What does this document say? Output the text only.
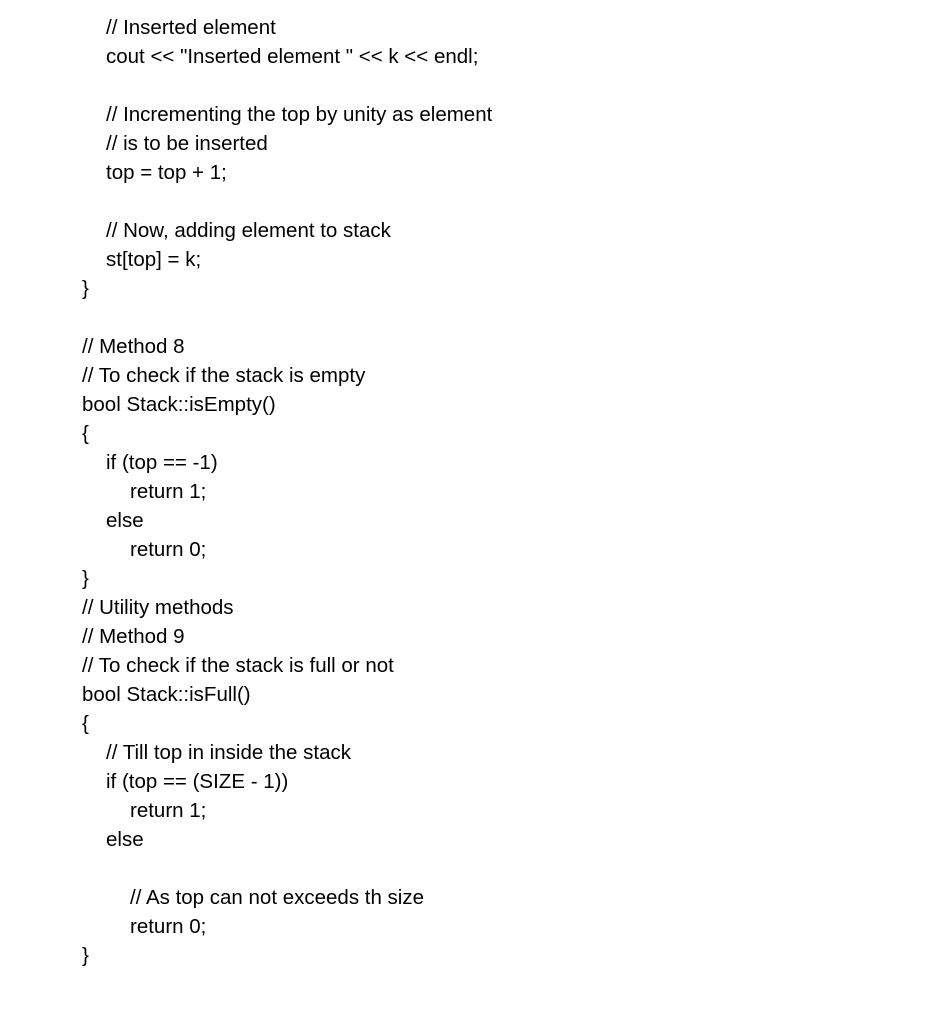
// Inserted element
cout << "Inserted element " << k << endl;
// Incrementing the top by unity as element
// is to be inserted
top = top + 1;
// Now, adding element to stack
st[top] = k;
}
// Method 8
// To check if the stack is empty
bool Stack::isEmpty()
{
if (top == -1)
return 1;
else
return 0;
}
// Utility methods
// Method 9
// To check if the stack is full or not
bool Stack::isFull()
{
// Till top in inside the stack
if (top == (SIZE - 1))
return 1;
else
// As top can not exceeds th size
return 0;
}
